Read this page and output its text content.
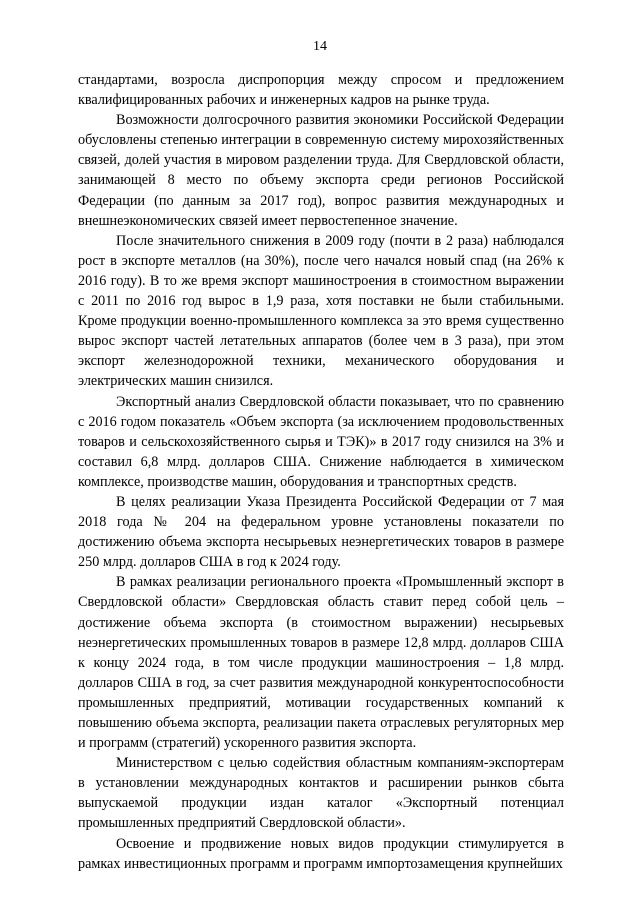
14

стандартами, возросла диспропорция между спросом и предложением квалифицированных рабочих и инженерных кадров на рынке труда.

Возможности долгосрочного развития экономики Российской Федерации обусловлены степенью интеграции в современную систему мирохозяйственных связей, долей участия в мировом разделении труда. Для Свердловской области, занимающей 8 место по объему экспорта среди регионов Российской Федерации (по данным за 2017 год), вопрос развития международных и внешнеэкономических связей имеет первостепенное значение.

После значительного снижения в 2009 году (почти в 2 раза) наблюдался рост в экспорте металлов (на 30%), после чего начался новый спад (на 26% к 2016 году). В то же время экспорт машиностроения в стоимостном выражении с 2011 по 2016 год вырос в 1,9 раза, хотя поставки не были стабильными. Кроме продукции военно-промышленного комплекса за это время существенно вырос экспорт частей летательных аппаратов (более чем в 3 раза), при этом экспорт железнодорожной техники, механического оборудования и электрических машин снизился.

Экспортный анализ Свердловской области показывает, что по сравнению с 2016 годом показатель «Объем экспорта (за исключением продовольственных товаров и сельскохозяйственного сырья и ТЭК)» в 2017 году снизился на 3% и составил 6,8 млрд. долларов США. Снижение наблюдается в химическом комплексе, производстве машин, оборудования и транспортных средств.

В целях реализации Указа Президента Российской Федерации от 7 мая 2018 года № 204 на федеральном уровне установлены показатели по достижению объема экспорта несырьевых неэнергетических товаров в размере 250 млрд. долларов США в год к 2024 году.

В рамках реализации регионального проекта «Промышленный экспорт в Свердловской области» Свердловская область ставит перед собой цель – достижение объема экспорта (в стоимостном выражении) несырьевых неэнергетических промышленных товаров в размере 12,8 млрд. долларов США к концу 2024 года, в том числе продукции машиностроения – 1,8 млрд. долларов США в год, за счет развития международной конкурентоспособности промышленных предприятий, мотивации государственных компаний к повышению объема экспорта, реализации пакета отраслевых регуляторных мер и программ (стратегий) ускоренного развития экспорта.

Министерством с целью содействия областным компаниям-экспортерам в установлении международных контактов и расширении рынков сбыта выпускаемой продукции издан каталог «Экспортный потенциал промышленных предприятий Свердловской области».

Освоение и продвижение новых видов продукции стимулируется в рамках инвестиционных программ и программ импортозамещения крупнейших
